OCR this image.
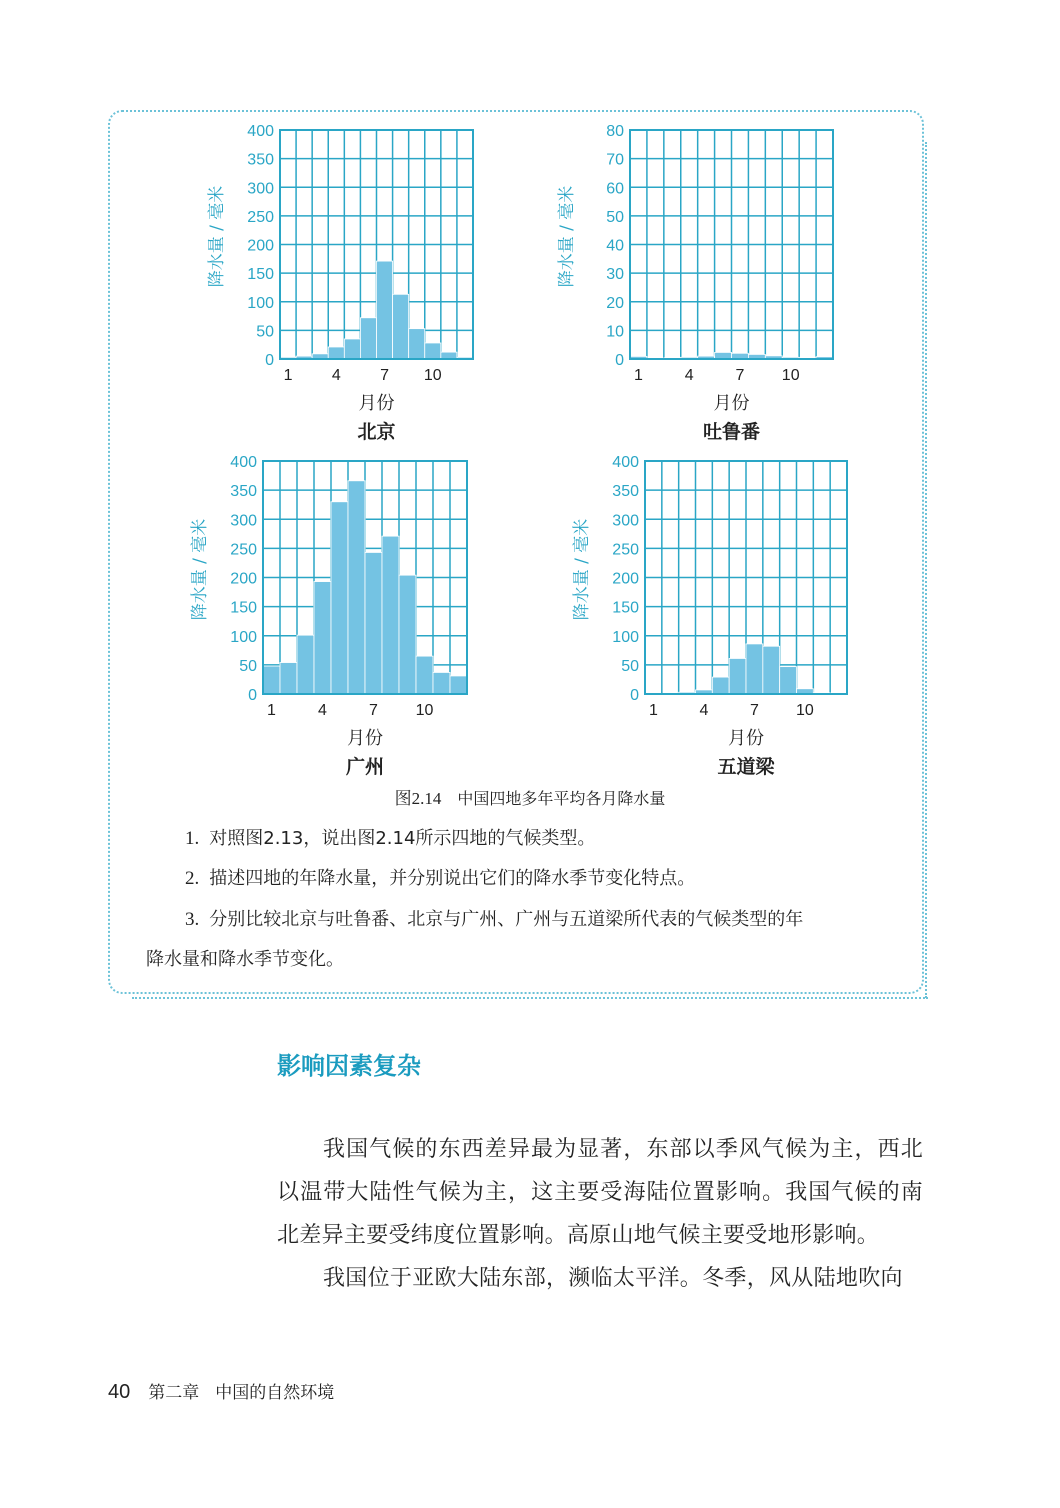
0
50
100
150
200
250
300
350
400
1 4 7 10
降水量 / 毫米
月份
北京
0
10
20
30
40
50
60
70
80
1	4	7 10
降水量 / 毫米
月份
吐鲁番
0
50
100
150
200
250
300
350
400
1	4	7 10
降水量 / 毫米
月份
广州
0
50
100
150
200
250
300
350
400
1	4	7 10
降水量 / 毫米
月份
五道梁
图2.14 中国四地多年平均各月降水量
1. 对照图2.13，说出图2.14所示四地的气候类型。
2. 描述四地的年降水量，并分别说出它们的降水季节变化特点。
3. 分别比较北京与吐鲁番、北京与广州、广州与五道梁所代表的气候类型的年
降水量和降水季节变化。
影响因素复杂

我国气候的东西差异最为显著，东部以季风气候为主，西北以温带大陆性气候为主，这主要受海陆位置影响。我国气候的南北差异主要受纬度位置影响。高原山地气候主要受地形影响。

我国位于亚欧大陆东部，濒临太平洋。冬季，风从陆地吹向

40 第二章 中国的自然环境
